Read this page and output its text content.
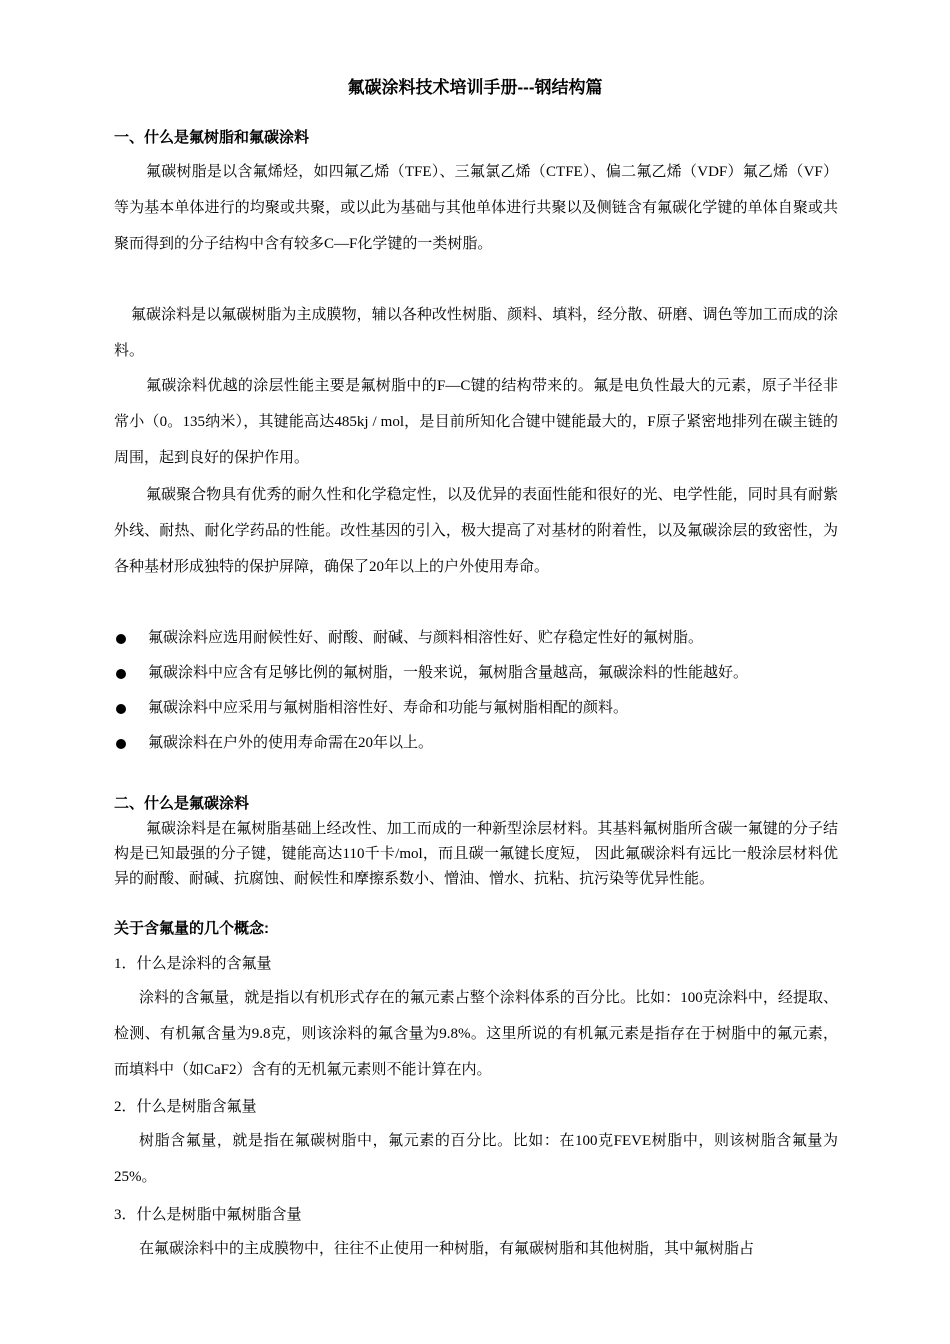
氟碳涂料技术培训手册---钢结构篇
一、什么是氟树脂和氟碳涂料

氟碳树脂是以含氟烯烃，如四氟乙烯（TFE）、三氟氯乙烯（CTFE）、偏二氟乙烯（VDF）氟乙烯（VF）等为基本单体进行的均聚或共聚，或以此为基础与其他单体进行共聚以及侧链含有氟碳化学键的单体自聚或共聚而得到的分子结构中含有较多C—F化学键的一类树脂。

氟碳涂料是以氟碳树脂为主成膜物，辅以各种改性树脂、颜料、填料，经分散、研磨、调色等加工而成的涂料。

氟碳涂料优越的涂层性能主要是氟树脂中的F—C键的结构带来的。氟是电负性最大的元素，原子半径非常小（0。135纳米），其键能高达485kj / mol，是目前所知化合键中键能最大的，F原子紧密地排列在碳主链的周围，起到良好的保护作用。

氟碳聚合物具有优秀的耐久性和化学稳定性，以及优异的表面性能和很好的光、电学性能，同时具有耐紫外线、耐热、耐化学药品的性能。改性基因的引入，极大提高了对基材的附着性，以及氟碳涂层的致密性，为各种基材形成独特的保护屏障，确保了20年以上的户外使用寿命。

氟碳涂料应选用耐候性好、耐酸、耐碱、与颜料相溶性好、贮存稳定性好的氟树脂。
氟碳涂料中应含有足够比例的氟树脂，一般来说，氟树脂含量越高，氟碳涂料的性能越好。
氟碳涂料中应采用与氟树脂相溶性好、寿命和功能与氟树脂相配的颜料。
氟碳涂料在户外的使用寿命需在20年以上。
二、什么是氟碳涂料

氟碳涂料是在氟树脂基础上经改性、加工而成的一种新型涂层材料。其基料氟树脂所含碳一氟键的分子结构是已知最强的分子键，键能高达110千卡/mol，而且碳一氟键长度短， 因此氟碳涂料有远比一般涂层材料优异的耐酸、耐碱、抗腐蚀、耐候性和摩擦系数小、憎油、憎水、抗粘、抗污染等优异性能。

关于含氟量的几个概念:

1．什么是涂料的含氟量

涂料的含氟量，就是指以有机形式存在的氟元素占整个涂料体系的百分比。比如：100克涂料中，经提取、检测、有机氟含量为9.8克，则该涂料的氟含量为9.8%。这里所说的有机氟元素是指存在于树脂中的氟元素，而填料中（如CaF2）含有的无机氟元素则不能计算在内。

2．什么是树脂含氟量

树脂含氟量，就是指在氟碳树脂中，氟元素的百分比。比如：在100克FEVE树脂中，则该树脂含氟量为25%。

3．什么是树脂中氟树脂含量

在氟碳涂料中的主成膜物中，往往不止使用一种树脂，有氟碳树脂和其他树脂，其中氟树脂占
